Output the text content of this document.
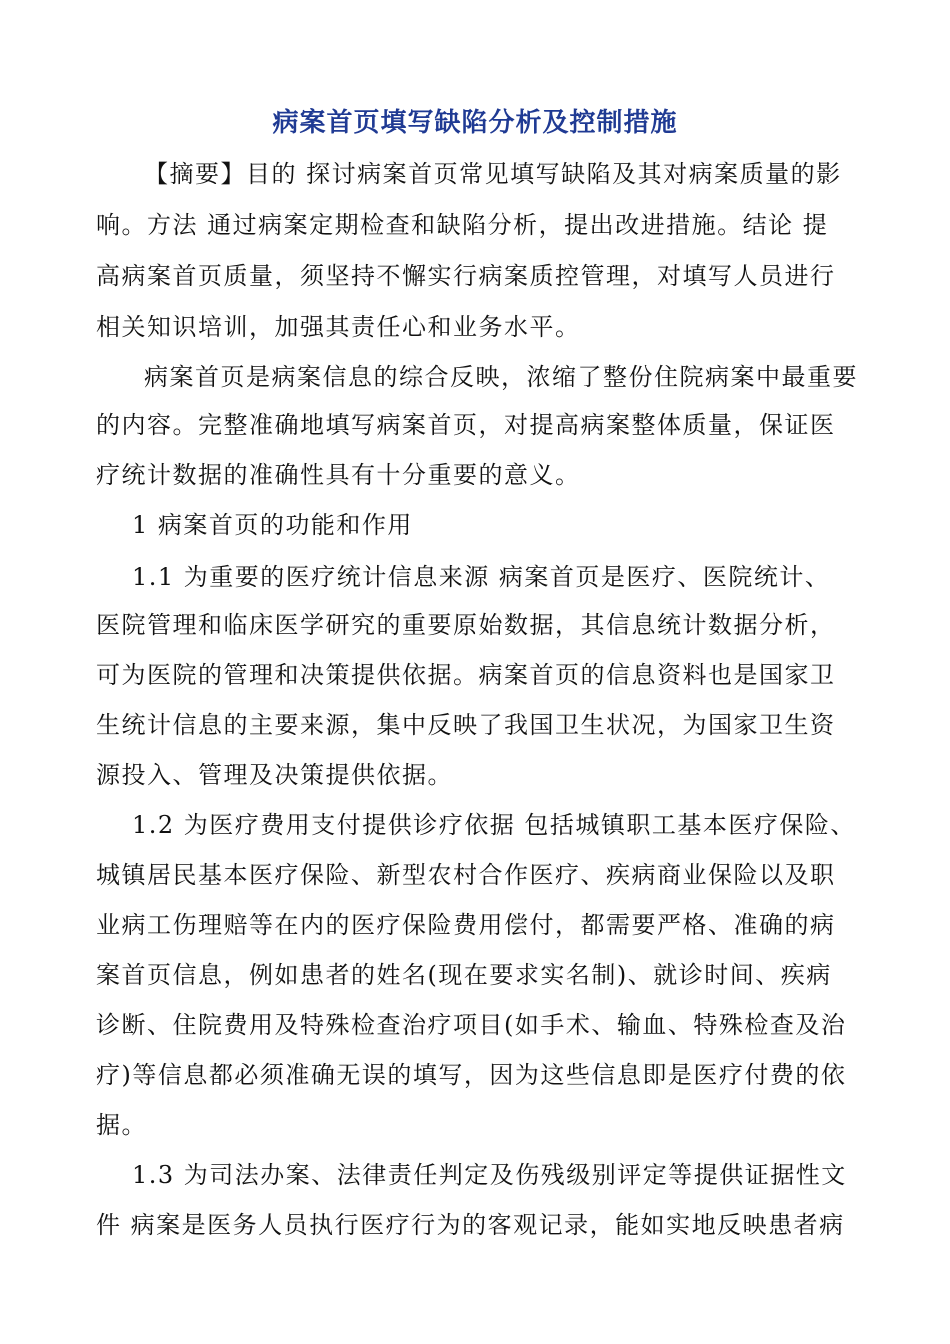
病案首页填写缺陷分析及控制措施
【摘要】目的 探讨病案首页常见填写缺陷及其对病案质量的影
响。方法 通过病案定期检查和缺陷分析，提出改进措施。结论 提
高病案首页质量，须坚持不懈实行病案质控管理，对填写人员进行
相关知识培训，加强其责任心和业务水平。
病案首页是病案信息的综合反映，浓缩了整份住院病案中最重要
的内容。完整准确地填写病案首页，对提高病案整体质量，保证医
疗统计数据的准确性具有十分重要的意义。
1 病案首页的功能和作用
1.1 为重要的医疗统计信息来源 病案首页是医疗、医院统计、
医院管理和临床医学研究的重要原始数据，其信息统计数据分析，
可为医院的管理和决策提供依据。病案首页的信息资料也是国家卫
生统计信息的主要来源，集中反映了我国卫生状况，为国家卫生资
源投入、管理及决策提供依据。
1.2 为医疗费用支付提供诊疗依据 包括城镇职工基本医疗保险、
城镇居民基本医疗保险、新型农村合作医疗、疾病商业保险以及职
业病工伤理赔等在内的医疗保险费用偿付，都需要严格、准确的病
案首页信息，例如患者的姓名(现在要求实名制)、就诊时间、疾病
诊断、住院费用及特殊检查治疗项目(如手术、输血、特殊检查及治
疗)等信息都必须准确无误的填写，因为这些信息即是医疗付费的依
据。
1.3 为司法办案、法律责任判定及伤残级别评定等提供证据性文
件 病案是医务人员执行医疗行为的客观记录，能如实地反映患者病
